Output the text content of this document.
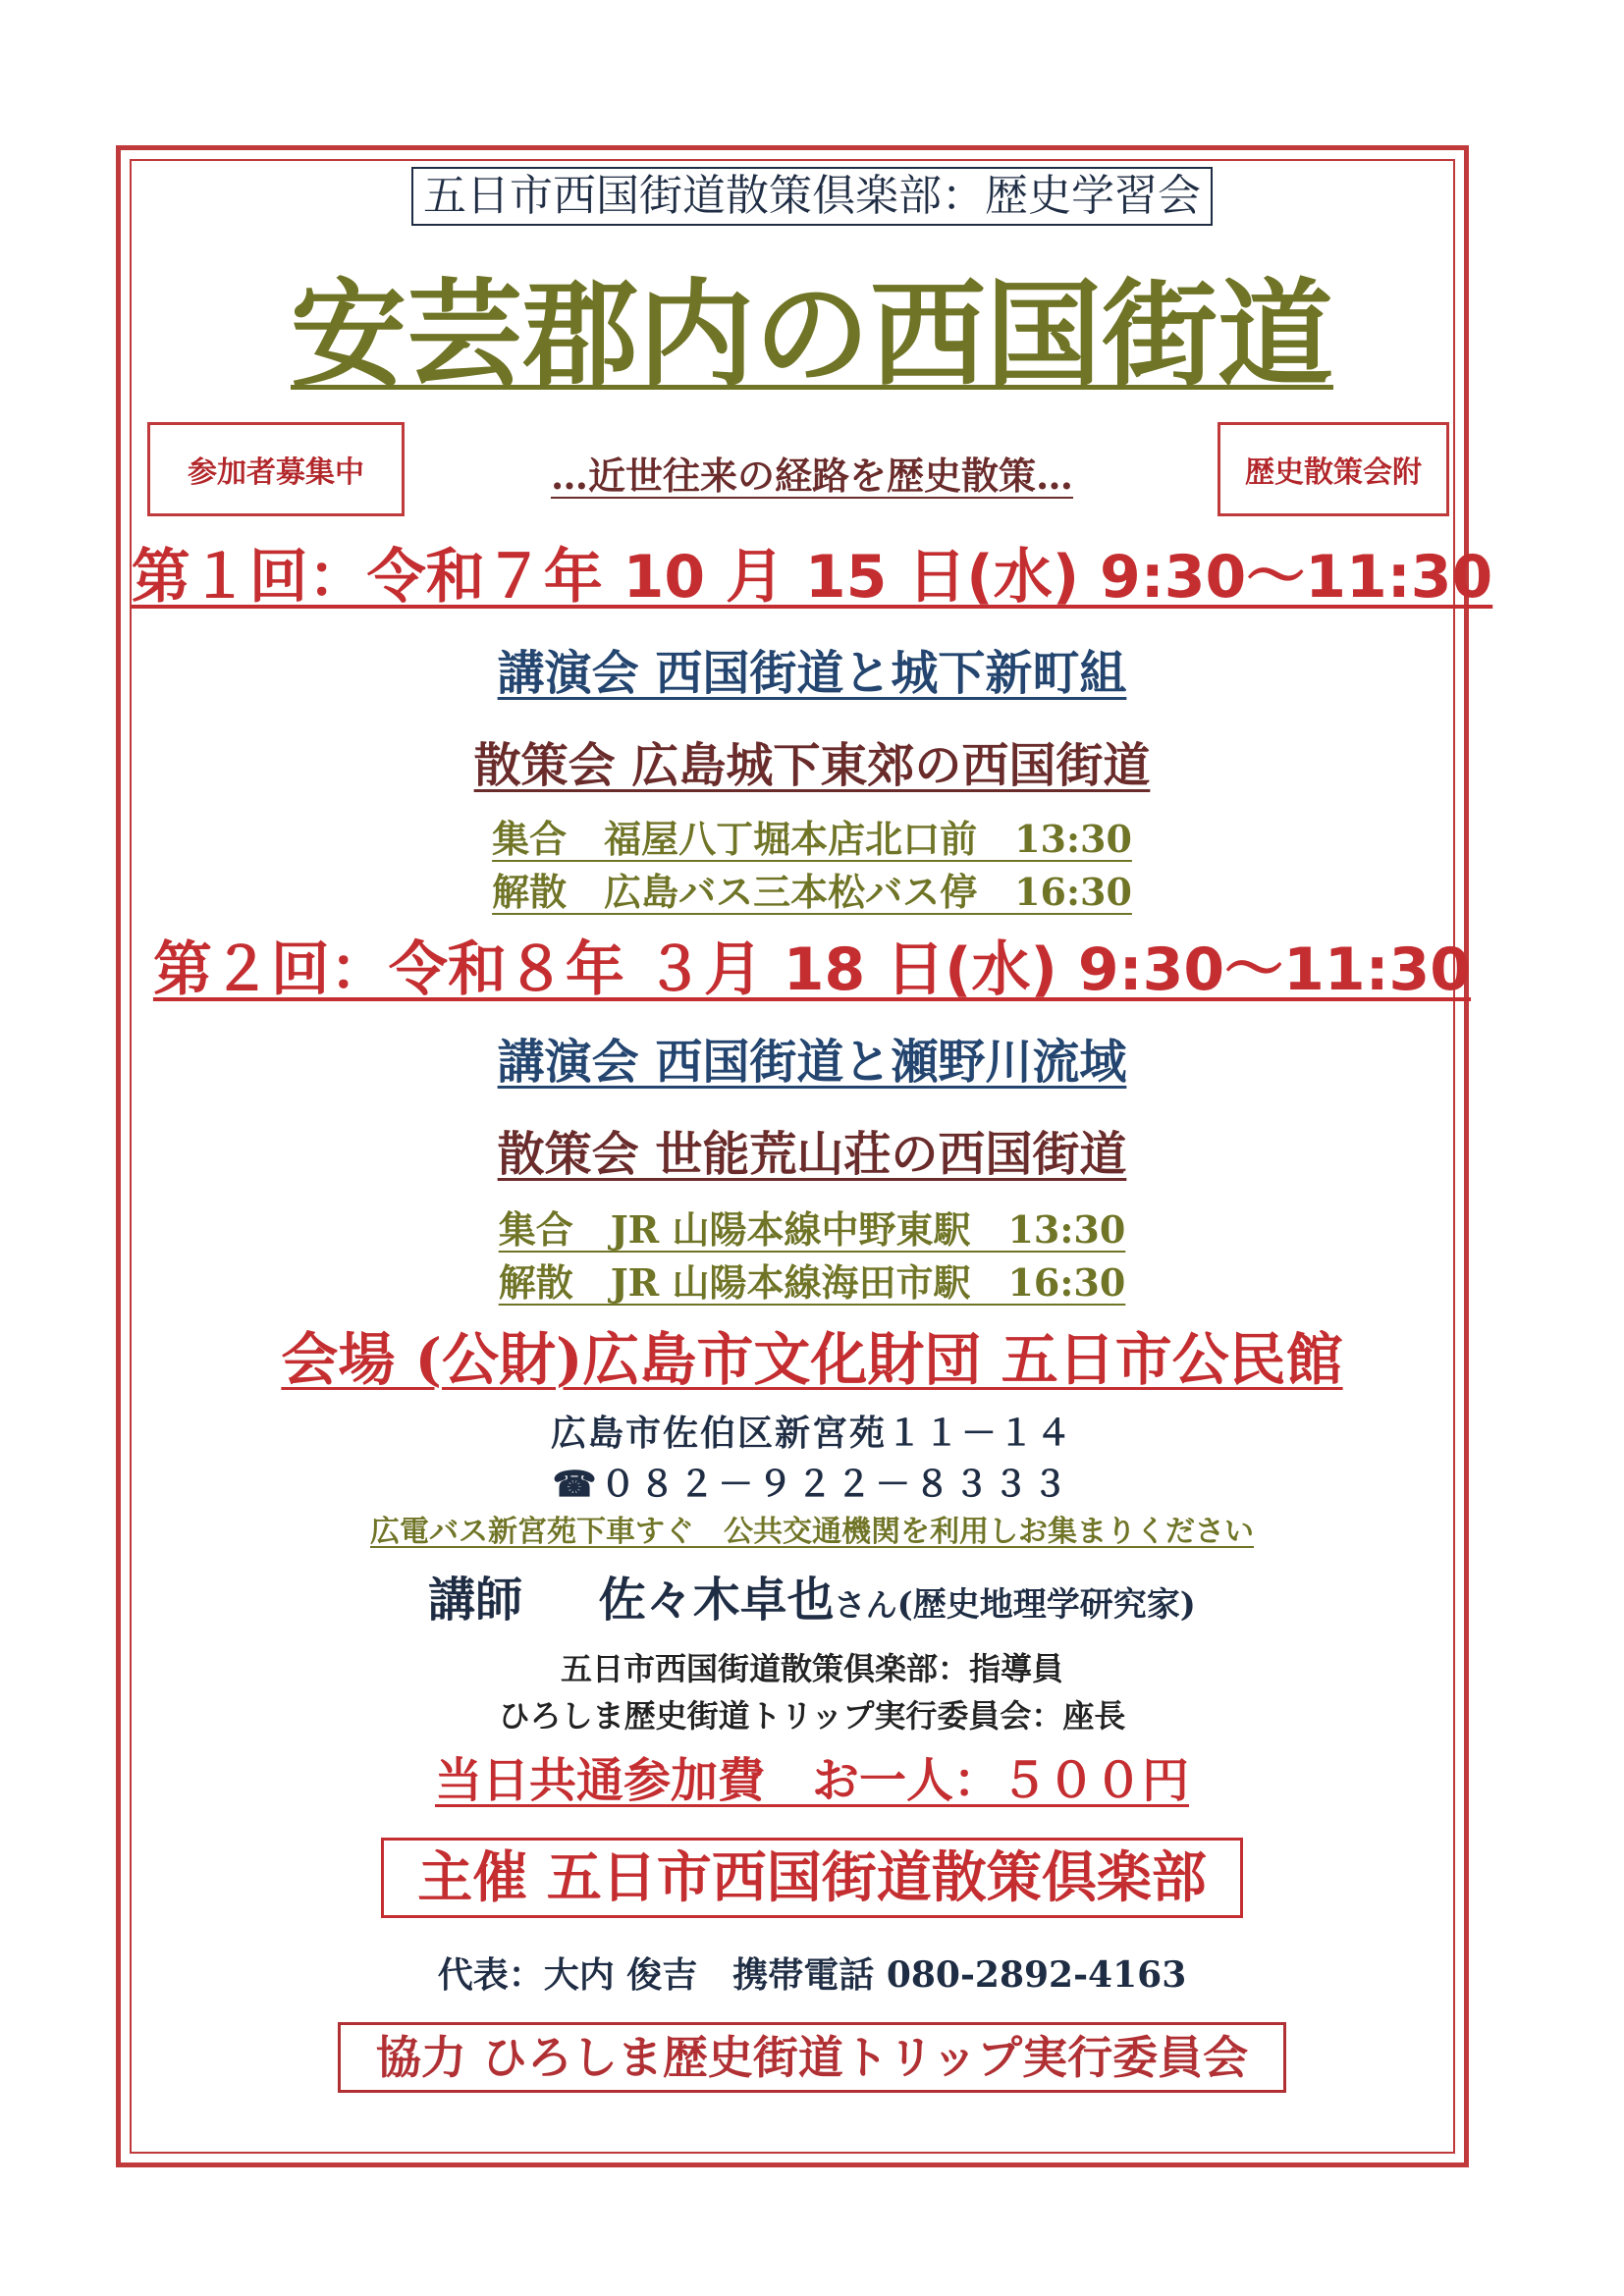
五日市西国街道散策倶楽部：歴史学習会
安芸郡内の西国街道
参加者募集中	歴史散策会附
…近世往来の経路を歴史散策…
第１回：令和７年 10 月 15 日(水) 9:30～11:30
講演会 西国街道と城下新町組
散策会 広島城下東郊の西国街道
集合　福屋八丁堀本店北口前　13:30
解散　広島バス三本松バス停　16:30
第２回：令和８年 ３月 18 日(水) 9:30～11:30
講演会 西国街道と瀬野川流域
散策会 世能荒山荘の西国街道
集合　JR 山陽本線中野東駅　13:30
解散　JR 山陽本線海田市駅　16:30
会場 (公財)広島市文化財団 五日市公民館
広島市佐伯区新宮苑１１－１４
☎０８２－９２２－８３３３
広電バス新宮苑下車すぐ　公共交通機関を利用しお集まりください
講師 佐々木卓也さん(歴史地理学研究家)
五日市西国街道散策倶楽部：指導員
ひろしま歴史街道トリップ実行委員会：座長
当日共通参加費　お一人：５００円
主催 五日市西国街道散策倶楽部
代表：大内 俊吉　携帯電話 080-2892-4163
協力 ひろしま歴史街道トリップ実行委員会
